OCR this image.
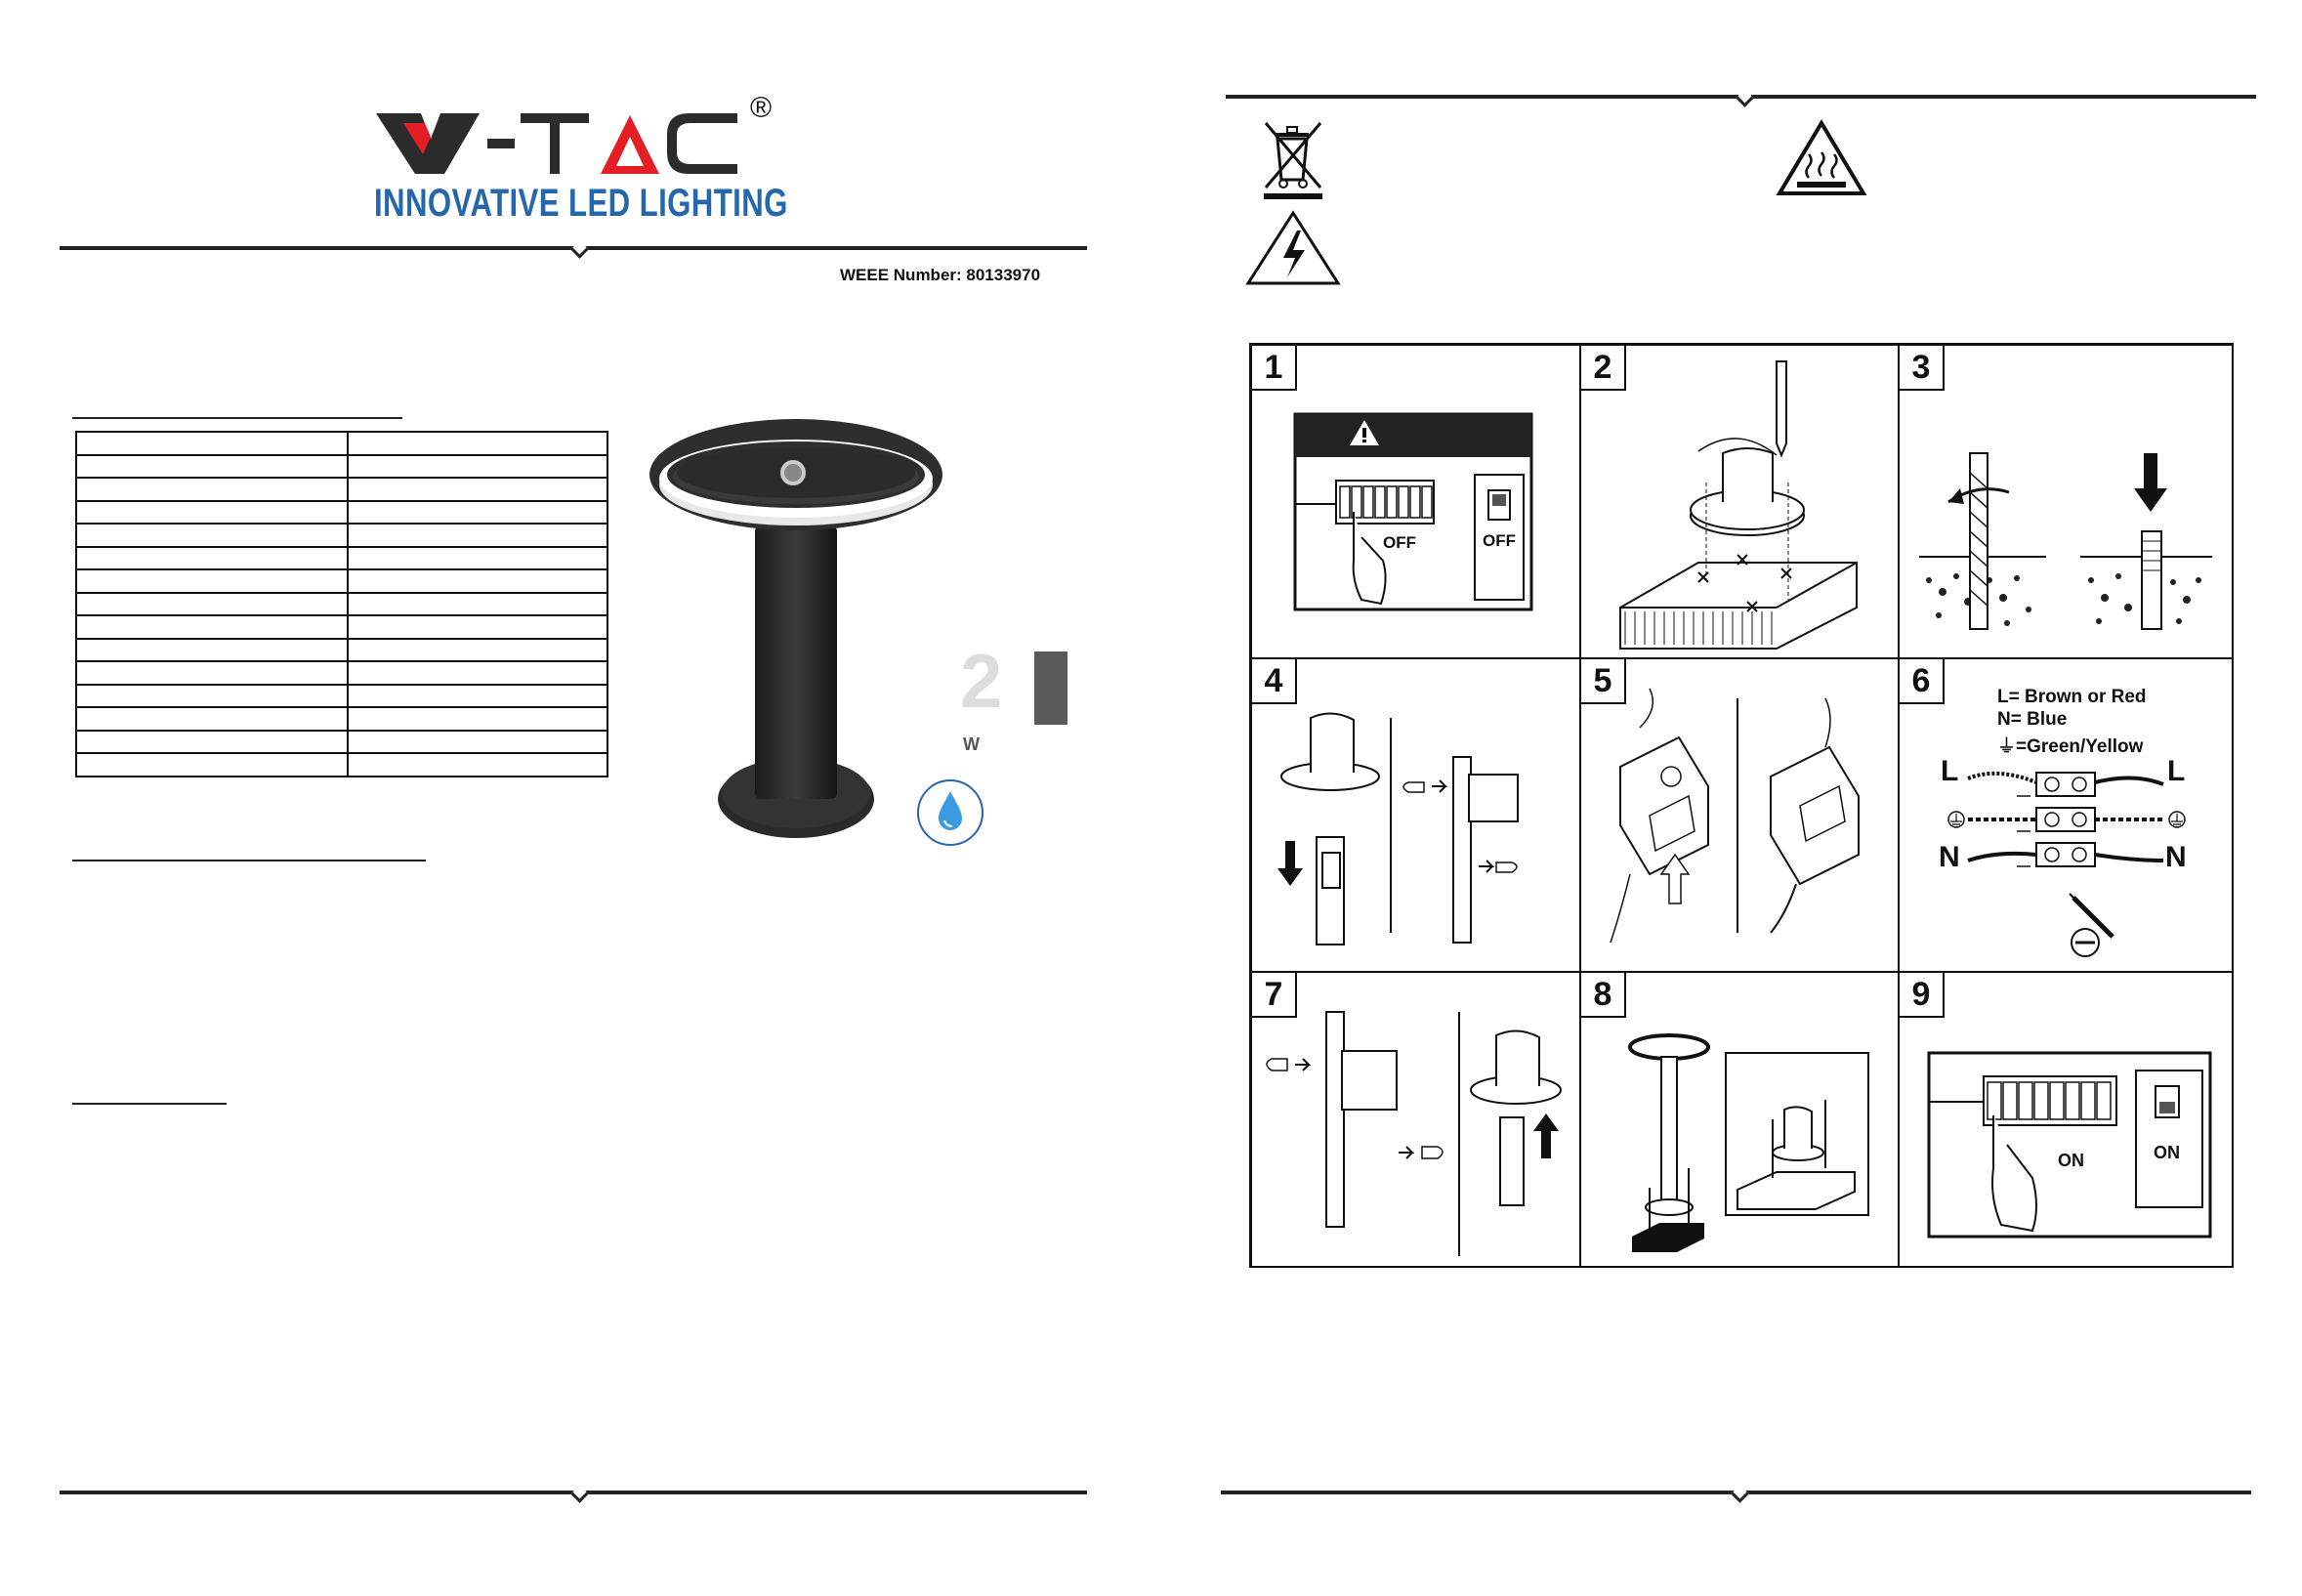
®
INNOVATIVE LED LIGHTING
WEEE Number: 80133970

2
W
1
OFF	OFF
2	3
4	5	6	L= Brown or Red
N= Blue
⏚=Green/Yellow
L	L
N	N
7	8	9
ON	ON
